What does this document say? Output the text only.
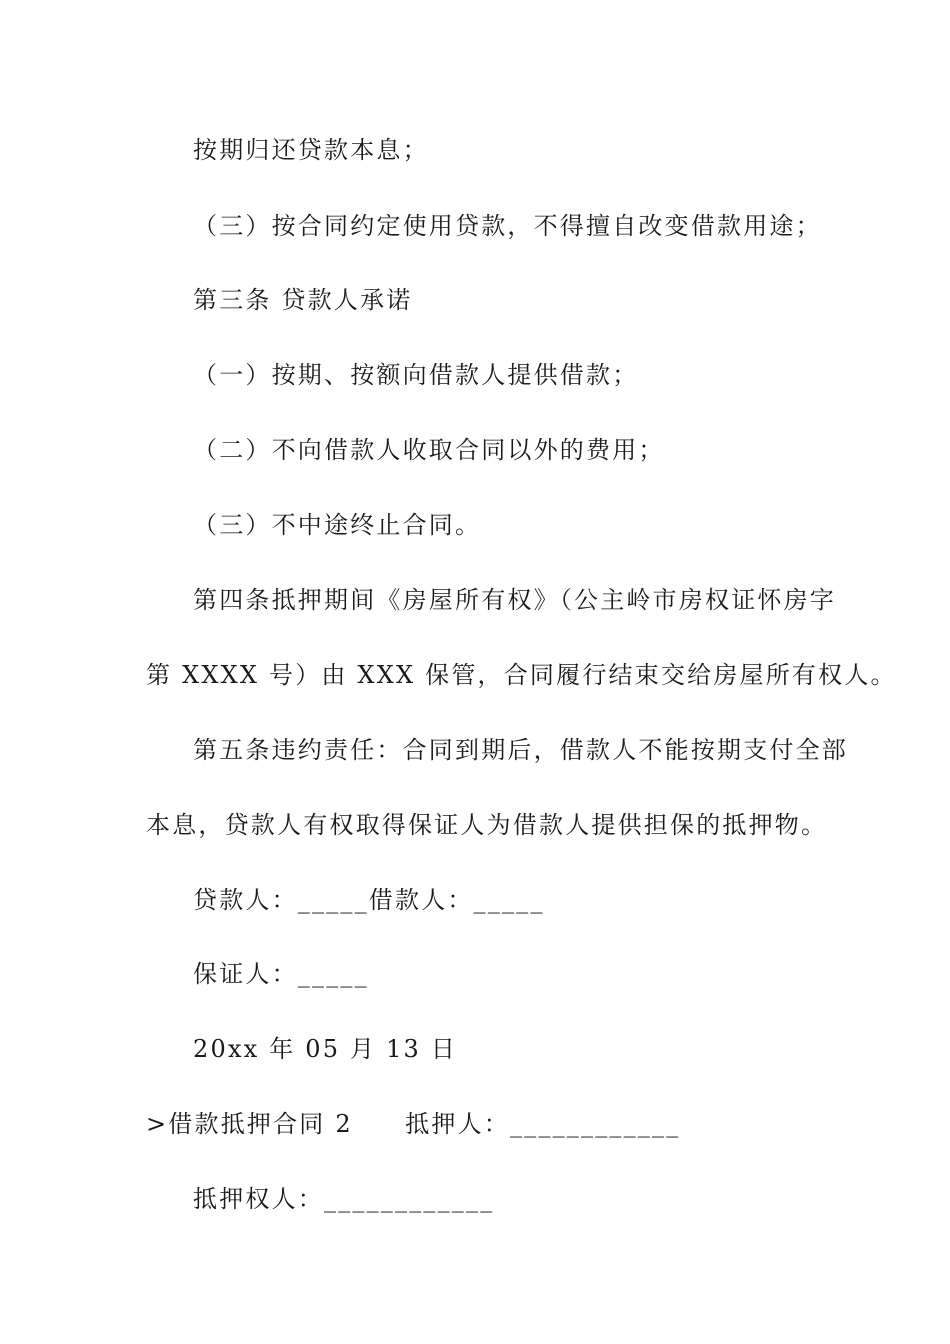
按期归还贷款本息；
（三）按合同约定使用贷款，不得擅自改变借款用途；
第三条 贷款人承诺
（一）按期、按额向借款人提供借款；
（二）不向借款人收取合同以外的费用；
（三）不中途终止合同。
第四条抵押期间《房屋所有权》（公主岭市房权证怀房字
第 XXXX 号）由 XXX 保管，合同履行结束交给房屋所有权人。
第五条违约责任：合同到期后，借款人不能按期支付全部
本息，贷款人有权取得保证人为借款人提供担保的抵押物。
贷款人：_____借款人：_____
保证人：_____
20xx 年 05 月 13 日
>借款抵押合同 2　　抵押人：____________
抵押权人：____________
